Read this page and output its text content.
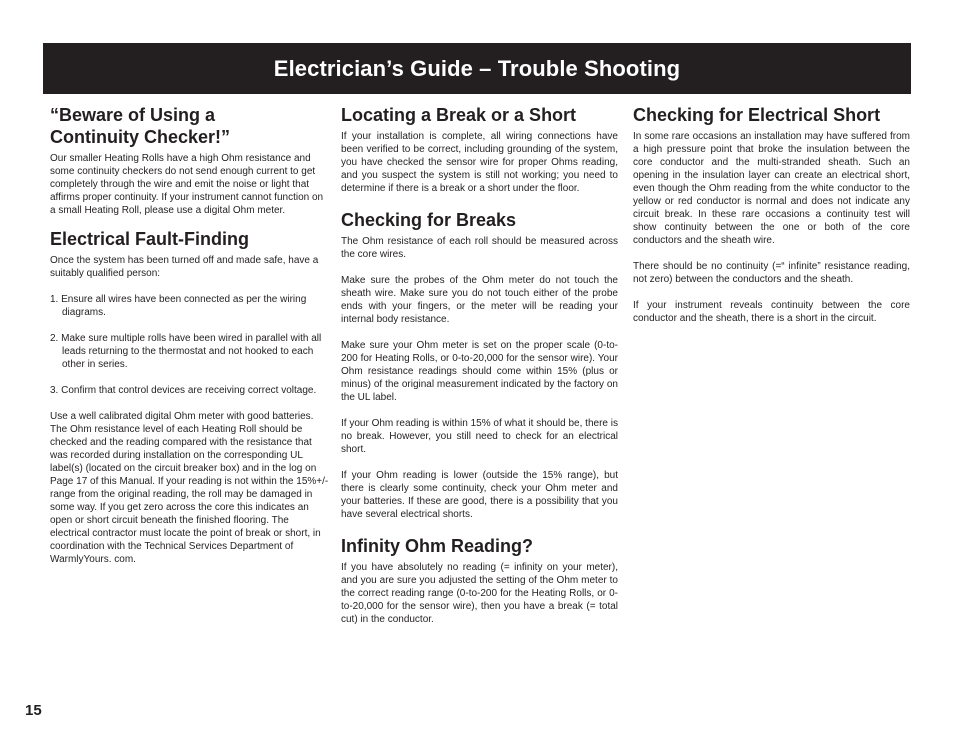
Electrician’s Guide – Trouble Shooting
“Beware of Using a Continuity Checker!”

Our smaller Heating Rolls have a high Ohm resistance and some continuity checkers do not send enough current to get completely through the wire and emit the noise or light that affirms proper continuity. If your instrument cannot function on a small Heating Roll, please use a digital Ohm meter.

Electrical Fault-Finding

Once the system has been turned off and made safe, have a suitably qualified person:

1. Ensure all wires have been connected as per the wiring diagrams.
2. Make sure multiple rolls have been wired in parallel with all leads returning to the thermostat and not hooked to each other in series.
3. Confirm that control devices are receiving correct voltage.

Use a well calibrated digital Ohm meter with good batteries. The Ohm resistance level of each Heating Roll should be checked and the reading compared with the resistance that was recorded during installation on the corresponding UL label(s) (located on the circuit breaker box) and in the log on Page 17 of this Manual. If your reading is not within the 15%+/- range from the original reading, the roll may be damaged in some way. If you get zero across the core this indicates an open or short circuit beneath the finished flooring. The electrical contractor must locate the point of break or short, in coordination with the Technical Services Department of WarmlyYours. com.

Locating a Break or a Short

If your installation is complete, all wiring connections have been verified to be correct, including grounding of the system, you have checked the sensor wire for proper Ohms reading, and you suspect the system is still not working; you need to determine if there is a break or a short under the floor.

Checking for Breaks

The Ohm resistance of each roll should be measured across the core wires.

Make sure the probes of the Ohm meter do not touch the sheath wire. Make sure you do not touch either of the probe ends with your fingers, or the meter will be reading your internal body resistance.

Make sure your Ohm meter is set on the proper scale (0-to- 200 for Heating Rolls, or 0-to-20,000 for the sensor wire). Your Ohm resistance readings should come within 15% (plus or minus) of the original measurement indicated by the factory on the UL label.

If your Ohm reading is within 15% of what it should be, there is no break. However, you still need to check for an electrical short.

If your Ohm reading is lower (outside the 15% range), but there is clearly some continuity, check your Ohm meter and your batteries. If these are good, there is a possibility that you have several electrical shorts.

Infinity Ohm Reading?

If you have absolutely no reading (= infinity on your meter), and you are sure you adjusted the setting of the Ohm meter to the correct reading range (0-to-200 for the Heating Rolls, or 0-to-20,000 for the sensor wire), then you have a break (= total cut) in the conductor.

Checking for Electrical Short

In some rare occasions an installation may have suffered from a high pressure point that broke the insulation between the core conductor and the multi-stranded sheath. Such an opening in the insulation layer can create an electrical short, even though the Ohm reading from the white conductor to the yellow or red conductor is normal and does not indicate any circuit break. In these rare occasions a continuity test will show continuity between the one or both of the core conductors and the sheath wire.

There should be no continuity (=“ infinite” resistance reading, not zero) between the conductors and the sheath.

If your instrument reveals continuity between the core conductor and the sheath, there is a short in the circuit.

15
